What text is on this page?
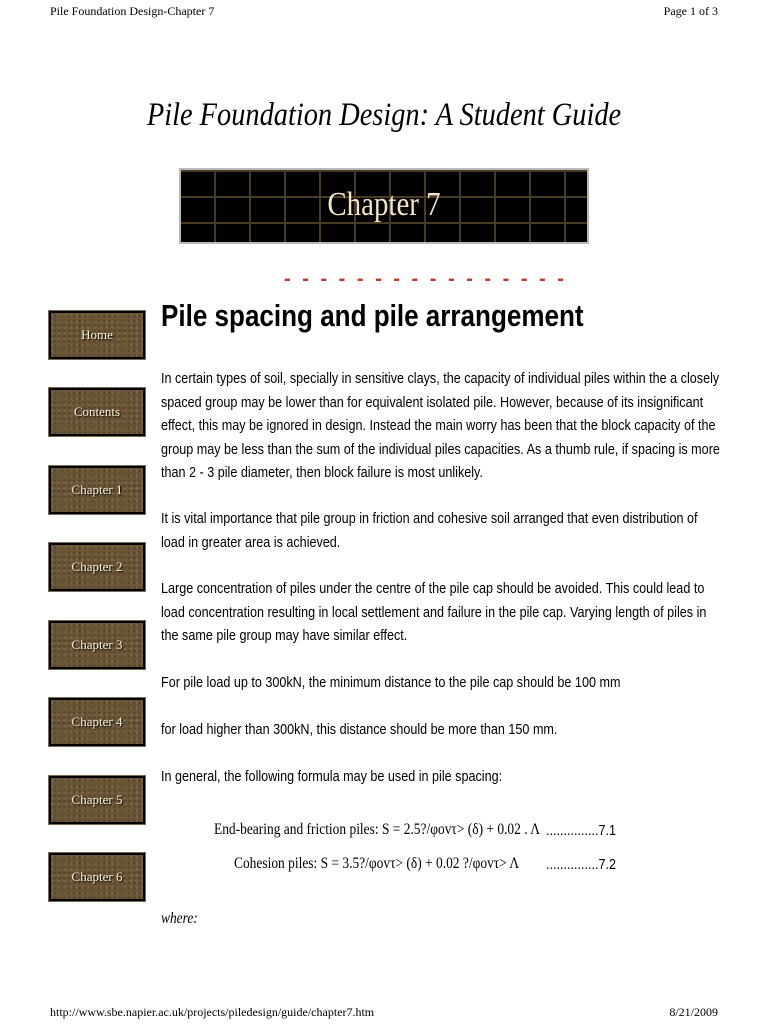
Pile Foundation Design-Chapter 7	Page 1 of 3
Pile Foundation Design: A Student Guide
Chapter 7
- - - - - - - - - - - - - - - -
Home
Contents
Chapter 1
Chapter 2
Chapter 3
Chapter 4
Chapter 5
Chapter 6
Pile spacing and pile arrangement
In certain types of soil, specially in sensitive clays, the capacity of individual piles within the a closely spaced group may be lower than for equivalent isolated pile. However, because of its insignificant effect, this may be ignored in design. Instead the main worry has been that the block capacity of the group may be less than the sum of the individual piles capacities. As a thumb rule, if spacing is more than 2 - 3 pile diameter, then block failure is most unlikely.
It is vital importance that pile group in friction and cohesive soil arranged that even distribution of load in greater area is achieved.
Large concentration of piles under the centre of the pile cap should be avoided. This could lead to load concentration resulting in local settlement and failure in the pile cap. Varying length of piles in the same pile group may have similar effect.
For pile load up to 300kN, the minimum distance to the pile cap should be 100 mm
for load higher than 300kN, this distance should be more than 150 mm.
In general, the following formula may be used in pile spacing:
End-bearing and friction piles: S = 2.5?/φovτ> (δ) + 0.02 . Λ ...............7.1
Cohesion piles: S = 3.5?/φovτ> (δ) + 0.02 ?/φovτ> Λ ...............7.2
where:
http://www.sbe.napier.ac.uk/projects/piledesign/guide/chapter7.htm	8/21/2009
